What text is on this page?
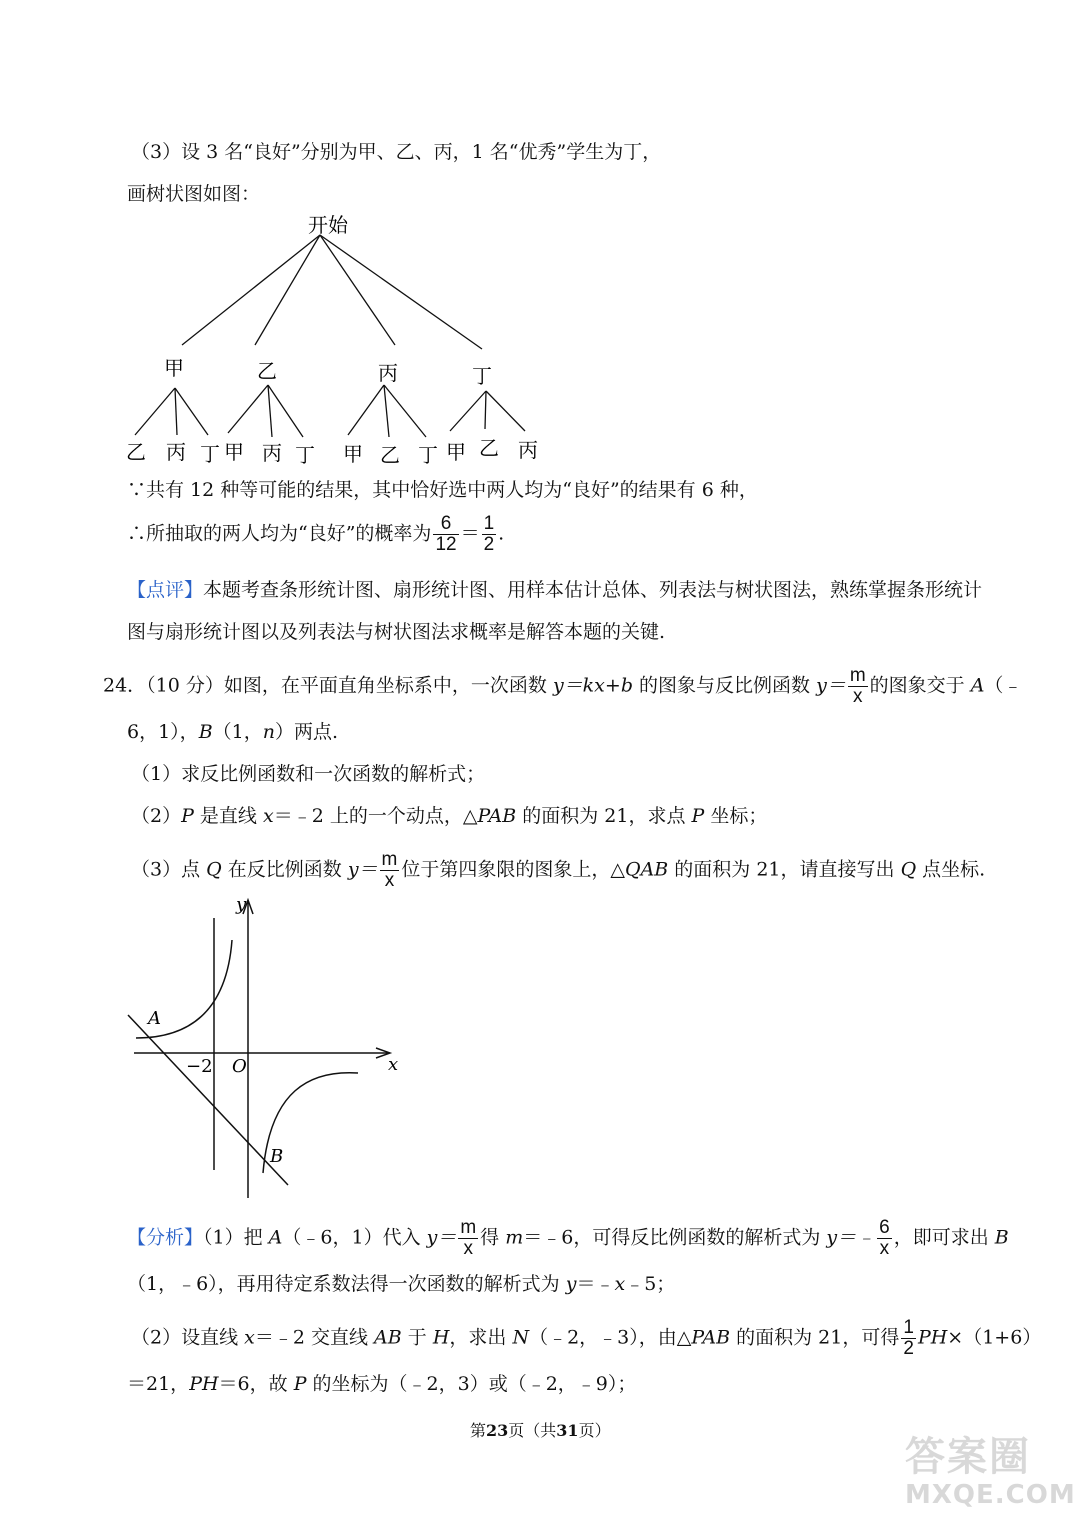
（3）设 3 名“良好”分别为甲、乙、丙，1 名“优秀”学生为丁，
画树状图如图：
开始
甲	乙	丙	丁
乙 丙 丁 甲 丙 丁 甲 乙 丁 甲 乙 丙
∵共有 12 种等可能的结果，其中恰好选中两人均为“良好”的结果有 6 种，
∴所抽取的两人均为“良好”的概率为 $\frac{6}{12} = \frac{1}{2}$ .
【点评】本题考查条形统计图、扇形统计图、用样本估计总体、列表法与树状图法，熟练掌握条形统计
图与扇形统计图以及列表法与树状图法求概率是解答本题的关键.
24．（10 分）如图，在平面直角坐标系中，一次函数 y＝kx+b 的图象与反比例函数 $y= \frac{m}{x}$ 的图象交于 A（﹣
6，1），B（1，n）两点.
（1）求反比例函数和一次函数的解析式；
（2）P 是直线 x＝﹣2 上的一个动点，△PAB 的面积为 21，求点 P 坐标；
（3）点 Q 在反比例函数 $y= \frac{m}{x}$ 位于第四象限的图象上，△QAB 的面积为 21，请直接写出 Q 点坐标.
y
x
O
−2
A
B
【分析】（1）把 A（﹣6，1）代入 $y= \frac{m}{x}$ 得 m＝﹣6，可得反比例函数的解析式为 y＝﹣ $\frac{6}{x}$ ，即可求出 B
（1，﹣6），再用待定系数法得一次函数的解析式为 y＝﹣x﹣5；
（2）设直线 x＝﹣2 交直线 AB 于 H，求出 N（﹣2，﹣3），由△PAB 的面积为 21，可得 $\frac{1}{2} PH\times(1+6)$
＝21，PH＝6，故 P 的坐标为（﹣2，3）或（﹣2，﹣9）；
第23页（共31页）
答案圈
MXQE.COM
